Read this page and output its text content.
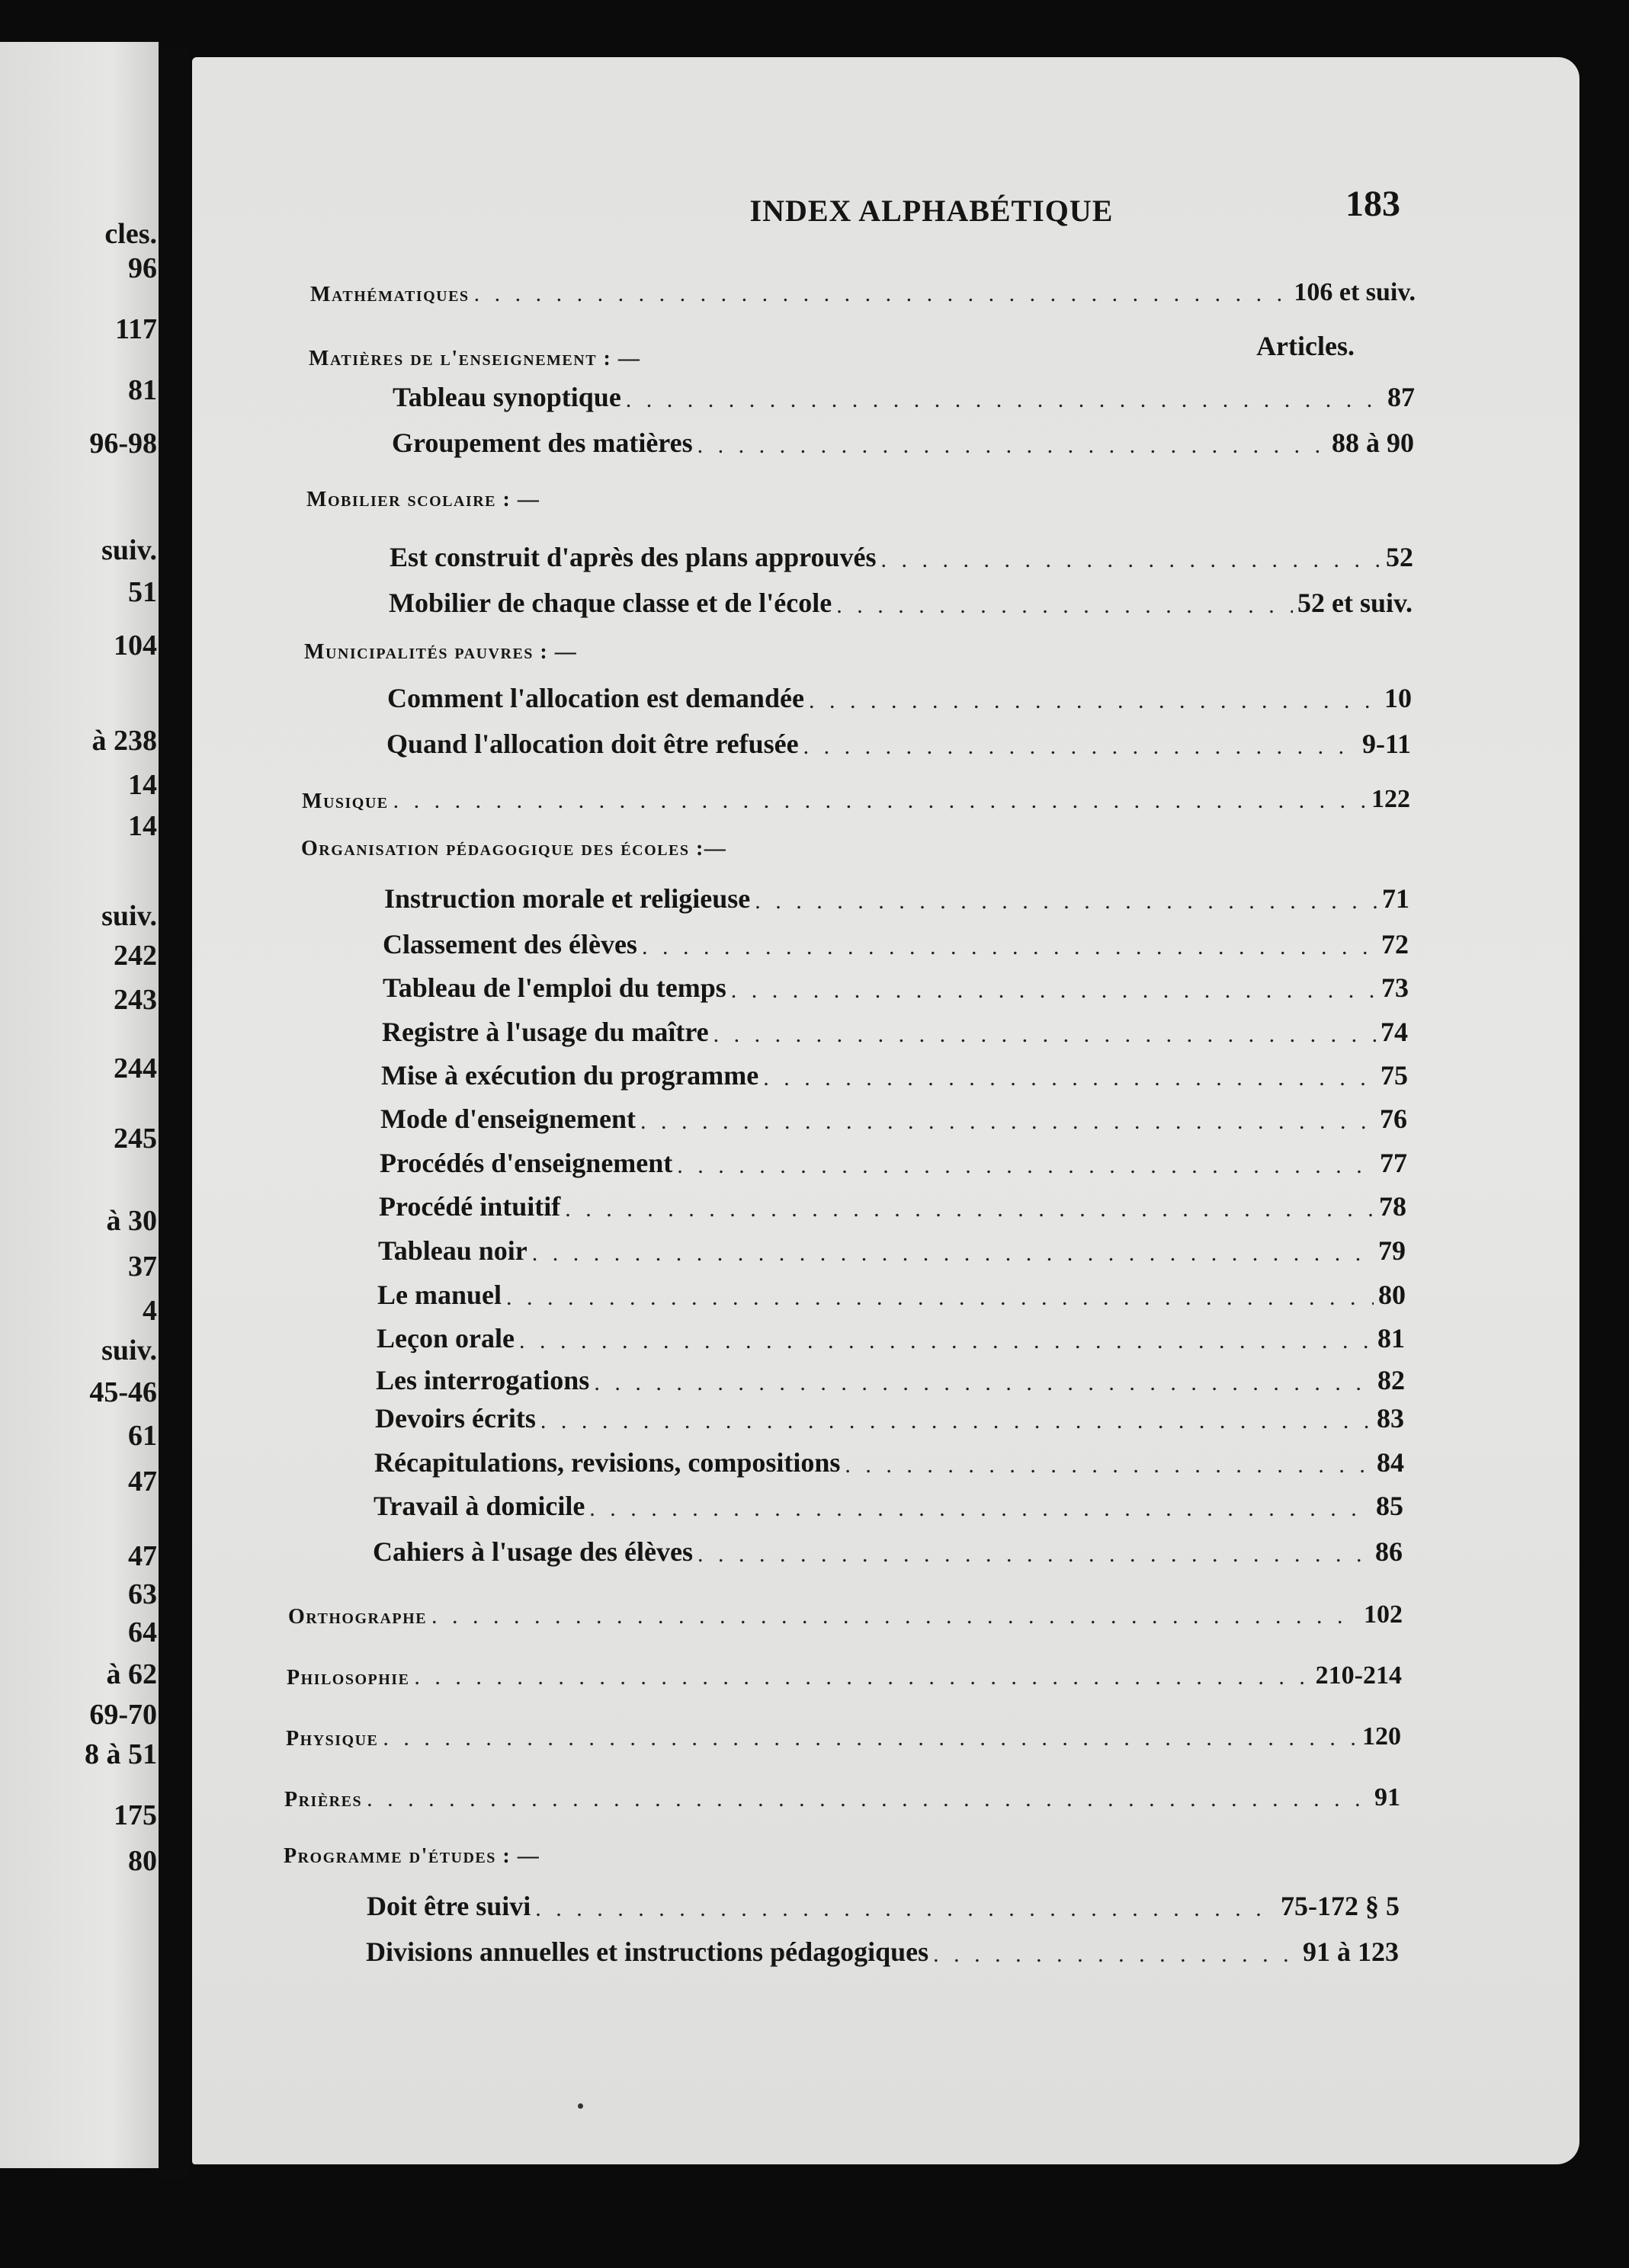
cles.
96
117
81
96-98
suiv.
51
104
à 238
14
14
suiv.
242
243
244
245
à 30
37
4
suiv.
45-46
61
47
47
63
64
à 62
69-70
8 à 51
175
80
INDEX ALPHABÉTIQUE	183
Articles.
Mathématiques . . .	106 et suiv.
Matières de l'enseignement : —
Tableau synoptique . . .	87
Groupement des matières . . .	88 à 90
Mobilier scolaire : —
Est construit d'après des plans approuvés . . .	52
Mobilier de chaque classe et de l'école . . .	52 et suiv.
Municipalités pauvres : —
Comment l'allocation est demandée . . .	10
Quand l'allocation doit être refusée . . .	9-11
Musique . . .	122
Organisation pédagogique des écoles :—
Instruction morale et religieuse . . .	71
Classement des élèves . . .	72
Tableau de l'emploi du temps . . .	73
Registre à l'usage du maître . . .	74
Mise à exécution du programme . . .	75
Mode d'enseignement . . .	76
Procédés d'enseignement . . .	77
Procédé intuitif . . .	78
Tableau noir . . .	79
Le manuel . . .	80
Leçon orale . . .	81
Les interrogations . . .	82
Devoirs écrits . . .	83
Récapitulations, revisions, compositions . . .	84
Travail à domicile . . .	85
Cahiers à l'usage des élèves . . .	86
Orthographe . . .	102
Philosophie . . .	210-214
Physique . . .	120
Prières . . .	91
Programme d'études : —
Doit être suivi . . .	75-172 § 5
Divisions annuelles et instructions pédagogiques . . .	91 à 123
